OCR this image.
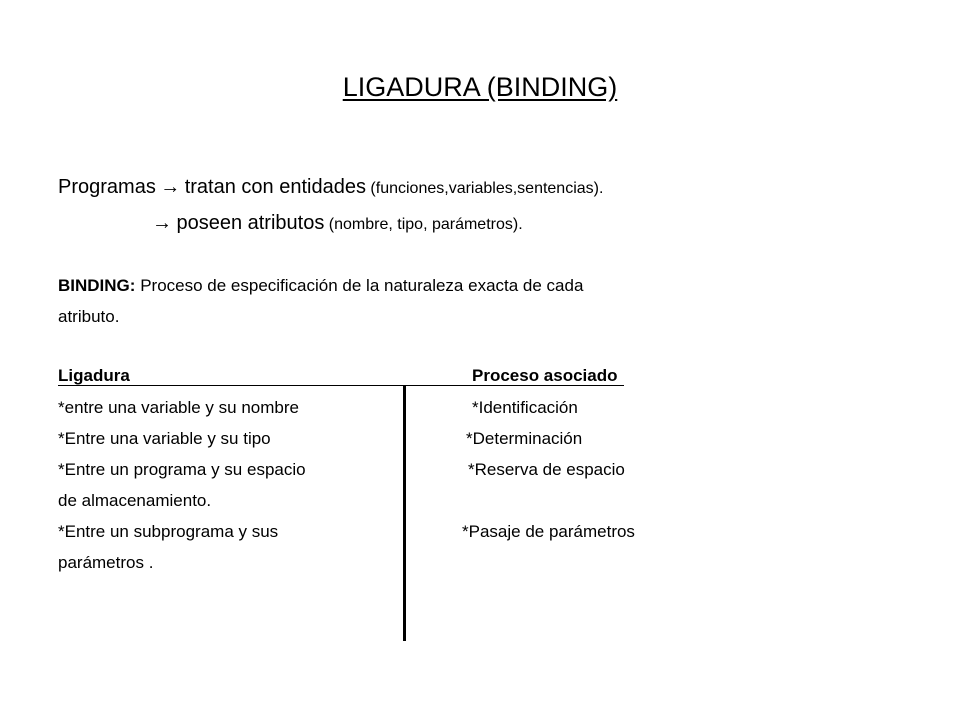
LIGADURA (BINDING)
Programas → tratan con entidades (funciones,variables,sentencias).
→ poseen atributos (nombre, tipo, parámetros).
BINDING: Proceso de especificación de la naturaleza exacta de cada
atributo.
Ligadura	Proceso asociado
*entre una variable y su nombre	*Identificación
*Entre una variable y su tipo	*Determinación
*Entre un programa y su espacio	*Reserva de espacio
de almacenamiento.
*Entre un subprograma y sus	*Pasaje de parámetros
parámetros .
